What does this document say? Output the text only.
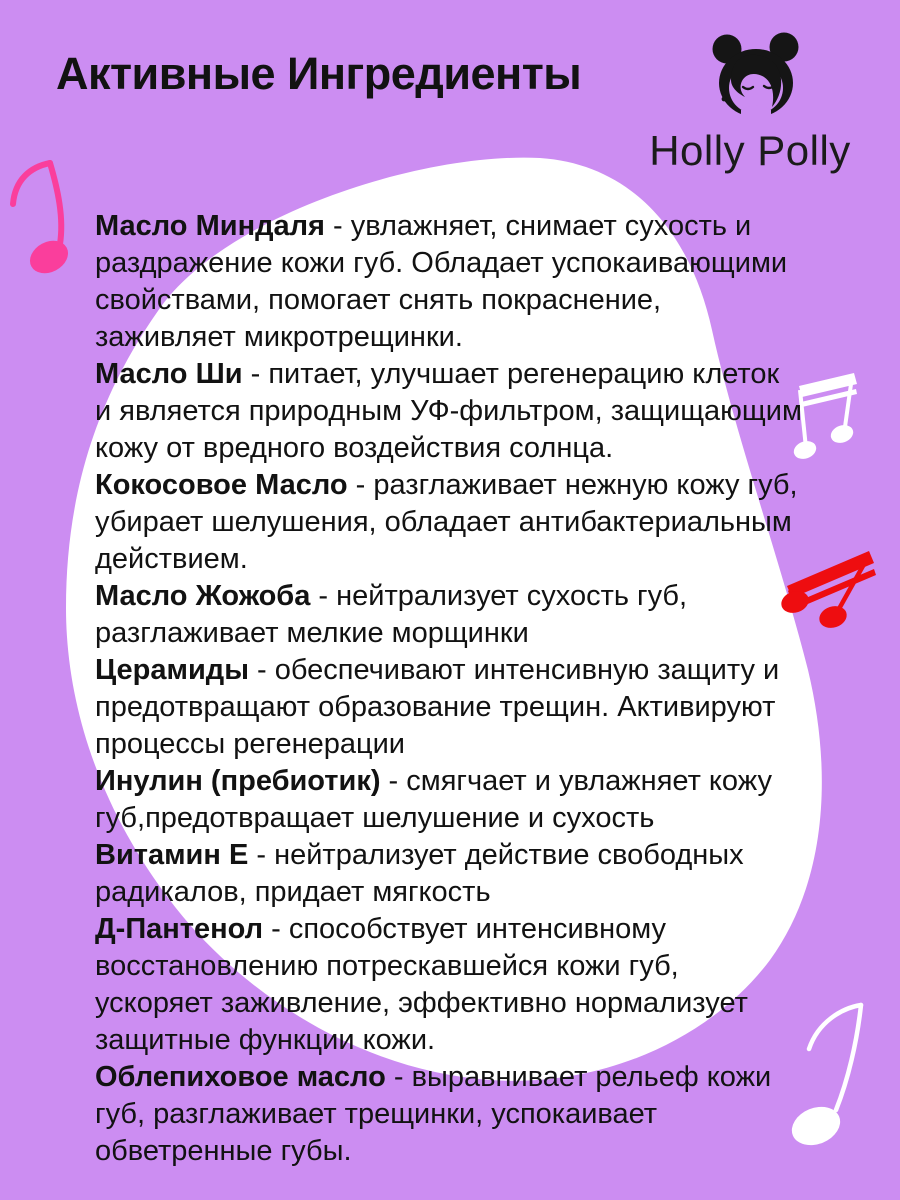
Активные Ингредиенты
Holly Polly

Масло Миндаля - увлажняет, снимает сухость и раздражение кожи губ. Обладает успокаивающими свойствами, помогает снять покраснение, заживляет микротрещинки.

Масло Ши - питает, улучшает регенерацию клеток и является природным УФ-фильтром, защищающим кожу от вредного воздействия солнца.

Кокосовое Масло - разглаживает нежную кожу губ, убирает шелушения, обладает антибактериальным действием.

Масло Жожоба - нейтрализует сухость губ, разглаживает мелкие морщинки

Церамиды - обеспечивают интенсивную защиту и предотвращают образование трещин. Активируют процессы регенерации

Инулин (пребиотик) - смягчает и увлажняет кожу губ,предотвращает шелушение и сухость

Витамин Е - нейтрализует действие свободных радикалов, придает мягкость

Д-Пантенол - способствует интенсивному восстановлению потрескавшейся кожи губ, ускоряет заживление, эффективно нормализует защитные функции кожи.

Облепиховое масло - выравнивает рельеф кожи губ, разглаживает трещинки, успокаивает обветренные губы.
